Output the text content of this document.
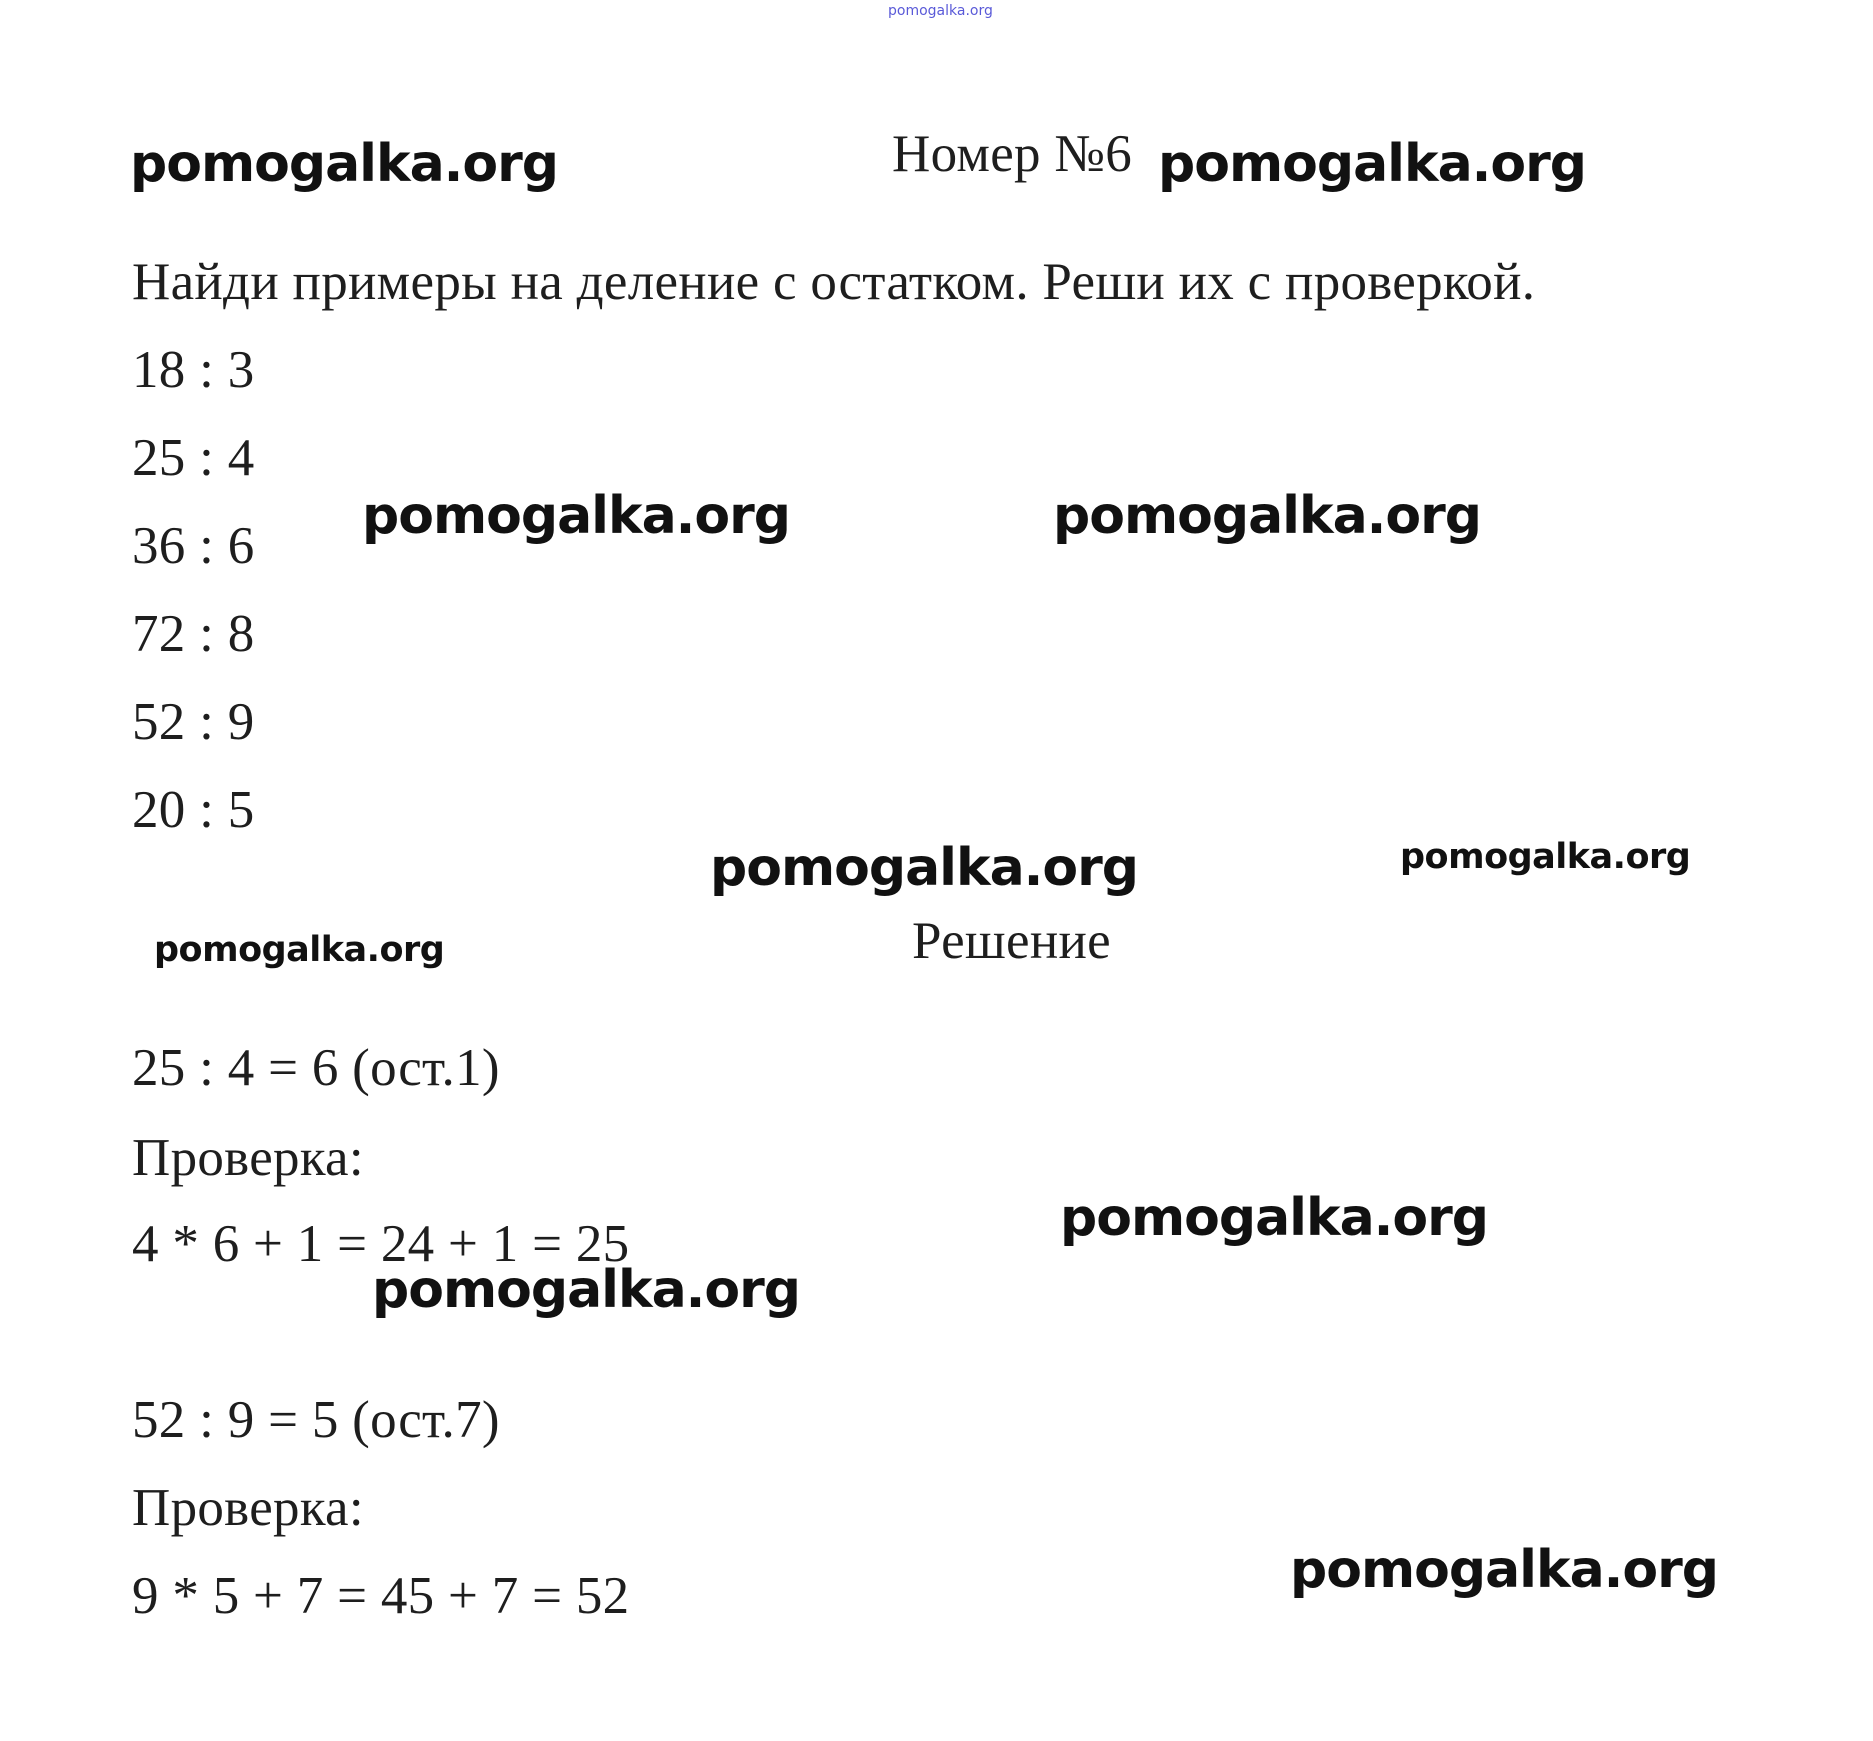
pomogalka.org
pomogalka.org	Номер №6 pomogalka.org
Найди примеры на деление с остатком. Реши их с проверкой.
18 : 3
25 : 4
36 : 6
72 : 8
52 : 9
20 : 5
pomogalka.org	pomogalka.org
pomogalka.org	pomogalka.org
pomogalka.org	Решение
25 : 4 = 6 (ост.1)
Проверка:
4 * 6 + 1 = 24 + 1 = 25	pomogalka.org
pomogalka.org
52 : 9 = 5 (ост.7)
Проверка:
9 * 5 + 7 = 45 + 7 = 52	pomogalka.org
